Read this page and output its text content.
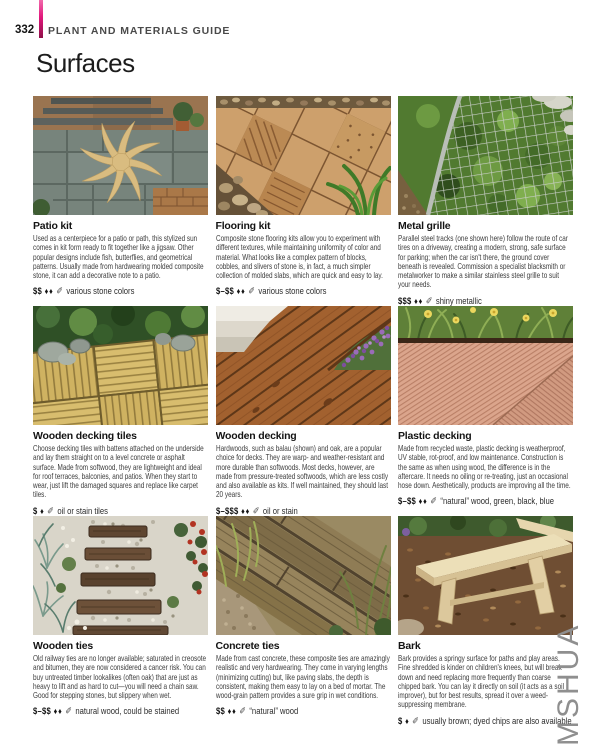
332 PLANT AND MATERIALS GUIDE
Surfaces
Patio kit

Used as a centerpiece for a patio or path, this stylized sun comes in kit form ready to fit together like a jigsaw. Other popular designs include fish, butterflies, and geometrical patterns. Usually made from hardwearing molded composite stone, it can add a decorative note to a patio.

$$ ♦♦ ✐ various stone colors

Flooring kit

Composite stone flooring kits allow you to experiment with different textures, while maintaining uniformity of color and material. What looks like a complex pattern of blocks, cobbles, and slivers of stone is, in fact, a much simpler collection of molded slabs, which are quick and easy to lay.

$–$$ ♦♦ ✐ various stone colors

Metal grille

Parallel steel tracks (one shown here) follow the route of car tires on a driveway, creating a modern, strong, safe surface for parking; when the car isn't there, the ground cover beneath is revealed. Commission a specialist blacksmith or metalworker to make a similar stainless steel grille to suit your needs.

$$$ ♦♦ ✐ shiny metallic

Wooden decking tiles

Choose decking tiles with battens attached on the underside and lay them straight on to a level concrete or asphalt surface. Made from softwood, they are lightweight and ideal for roof terraces, balconies, and patios. When they start to wear, just lift the damaged squares and replace like carpet tiles.

$ ♦ ✐ oil or stain tiles

Wooden decking

Hardwoods, such as balau (shown) and oak, are a popular choice for decks. They are warp- and weather-resistant and more durable than softwoods. Most decks, however, are made from pressure-treated softwoods, which are less costly and also available as kits. If well maintained, they should last 20 years.

$–$$$ ♦♦ ✐ oil or stain

Plastic decking

Made from recycled waste, plastic decking is weatherproof, UV stable, rot-proof, and low maintenance. Construction is the same as when using wood, the difference is in the aftercare. It needs no oiling or re-treating, just an occasional hose down. Aesthetically, products are improving all the time.

$–$$ ♦♦ ✐ “natural” wood, green, black, blue

Wooden ties

Old railway ties are no longer available; saturated in creosote and bitumen, they are now considered a cancer risk. You can buy untreated timber lookalikes (often oak) that are just as heavy to lift and as hard to cut—you will need a chain saw. Good for stepping stones, but slippery when wet.

$–$$ ♦♦ ✐ natural wood, could be stained

Concrete ties

Made from cast concrete, these composite ties are amazingly realistic and very hardwearing. They come in varying lengths (minimizing cutting) but, like paving slabs, the depth is consistent, making them easy to lay on a bed of mortar. The wood-grain pattern provides a sure grip in wet conditions.

$$ ♦♦ ✐ “natural” wood

Bark

Bark provides a springy surface for paths and play areas. Fine shredded is kinder on children's knees, but will break down and need replacing more frequently than coarse chipped bark. You can lay it directly on soil (it acts as a soil improver), but for best results, spread it over a weed-suppressing membrane.

$ ♦ ✐ usually brown; dyed chips are also available

MSHUA
